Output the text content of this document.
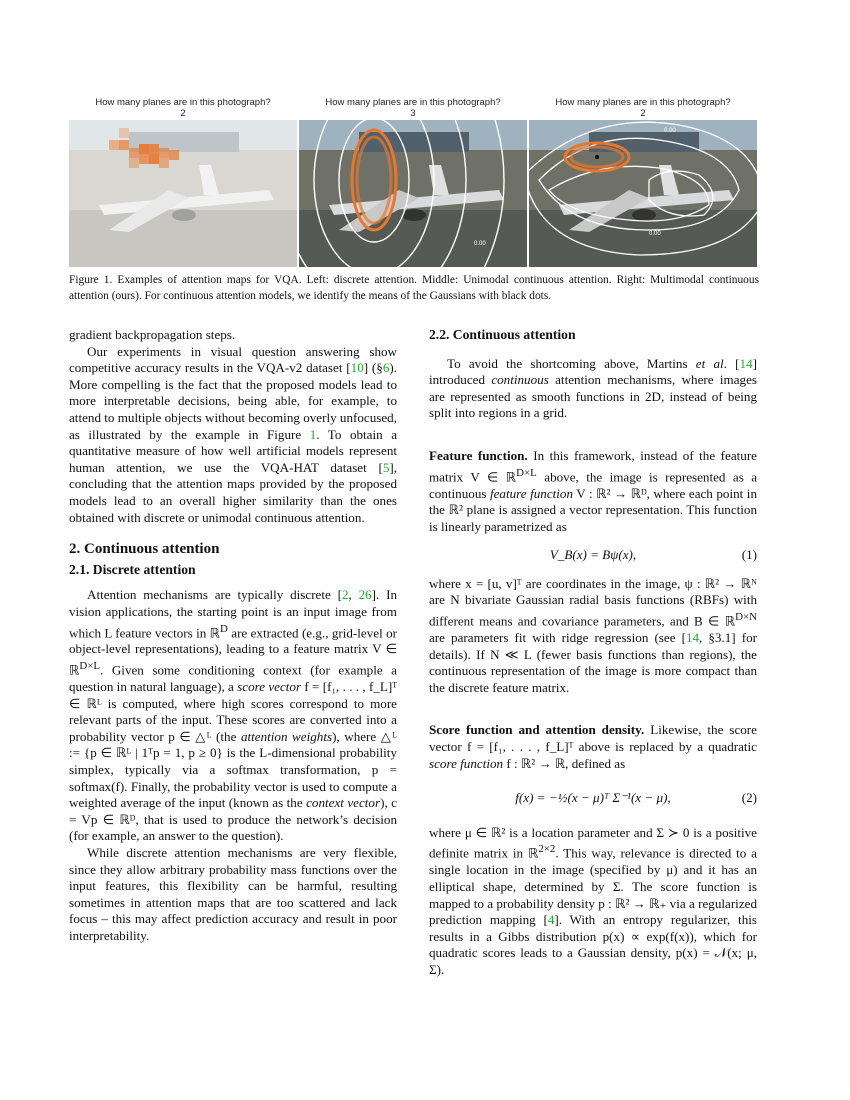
How many planes are in this photograph?
2
How many planes are in this photograph?
3
How many planes are in this photograph?
2
0.00
0.00
0.00
Figure 1. Examples of attention maps for VQA. Left: discrete attention. Middle: Unimodal continuous attention. Right: Multimodal continuous attention (ours). For continuous attention models, we identify the means of the Gaussians with black dots.

gradient backpropagation steps.

Our experiments in visual question answering show competitive accuracy results in the VQA-v2 dataset [10] (§6). More compelling is the fact that the proposed models lead to more interpretable decisions, being able, for example, to attend to multiple objects without becoming overly unfocused, as illustrated by the example in Figure 1. To obtain a quantitative measure of how well artificial models represent human attention, we use the VQA-HAT dataset [5], concluding that the attention maps provided by the proposed models lead to an overall higher similarity than the ones obtained with discrete or unimodal continuous attention.

2. Continuous attention

2.1. Discrete attention

Attention mechanisms are typically discrete [2, 26]. In vision applications, the starting point is an input image from which L feature vectors in ℝ$^D$ are extracted (e.g., grid-level or object-level representations), leading to a feature matrix V ∈ ℝ$^{D\times L}$. Given some conditioning context (for example a question in natural language), a score vector f = [f₁, . . . , f_L]ᵀ ∈ ℝᴸ is computed, where high scores correspond to more relevant parts of the input. These scores are converted into a probability vector p ∈ △ᴸ (the attention weights), where △ᴸ := {p ∈ ℝᴸ | 1ᵀp = 1, p ≥ 0} is the L-dimensional probability simplex, typically via a softmax transformation, p = softmax(f). Finally, the probability vector is used to compute a weighted average of the input (known as the context vector), c = Vp ∈ ℝᴰ, that is used to produce the network’s decision (for example, an answer to the question).

While discrete attention mechanisms are very flexible, since they allow arbitrary probability mass functions over the input features, this flexibility can be harmful, resulting sometimes in attention maps that are too scattered and lack focus – this may affect prediction accuracy and result in poor interpretability.

2.2. Continuous attention

To avoid the shortcoming above, Martins et al. [14] introduced continuous attention mechanisms, where images are represented as smooth functions in 2D, instead of being split into regions in a grid.

Feature function. In this framework, instead of the feature matrix V ∈ ℝ$^{D\times L}$ above, the image is represented as a continuous feature function V : ℝ² → ℝᴰ, where each point in the ℝ² plane is assigned a vector representation. This function is linearly parametrized as

V_B(x) = Bψ(x),	(1)

where x = [u, v]ᵀ are coordinates in the image, ψ : ℝ² → ℝᴺ are N bivariate Gaussian radial basis functions (RBFs) with different means and covariance parameters, and B ∈ ℝ$^{D\times N}$ are parameters fit with ridge regression (see [14, §3.1] for details). If N ≪ L (fewer basis functions than regions), the continuous representation of the image is more compact than the discrete feature matrix.

Score function and attention density. Likewise, the score vector f = [f₁, . . . , f_L]ᵀ above is replaced by a quadratic score function f : ℝ² → ℝ, defined as

f(x) = −½(x − μ)ᵀ Σ⁻¹(x − μ),	(2)

where μ ∈ ℝ² is a location parameter and Σ ≻ 0 is a positive definite matrix in ℝ$^{2\times 2}$. This way, relevance is directed to a single location in the image (specified by μ) and it has an elliptical shape, determined by Σ. The score function is mapped to a probability density p : ℝ² → ℝ₊ via a regularized prediction mapping [4]. With an entropy regularizer, this results in a Gibbs distribution p(x) ∝ exp(f(x)), which for quadratic scores leads to a Gaussian density, p(x) = 𝒩(x; μ, Σ).
